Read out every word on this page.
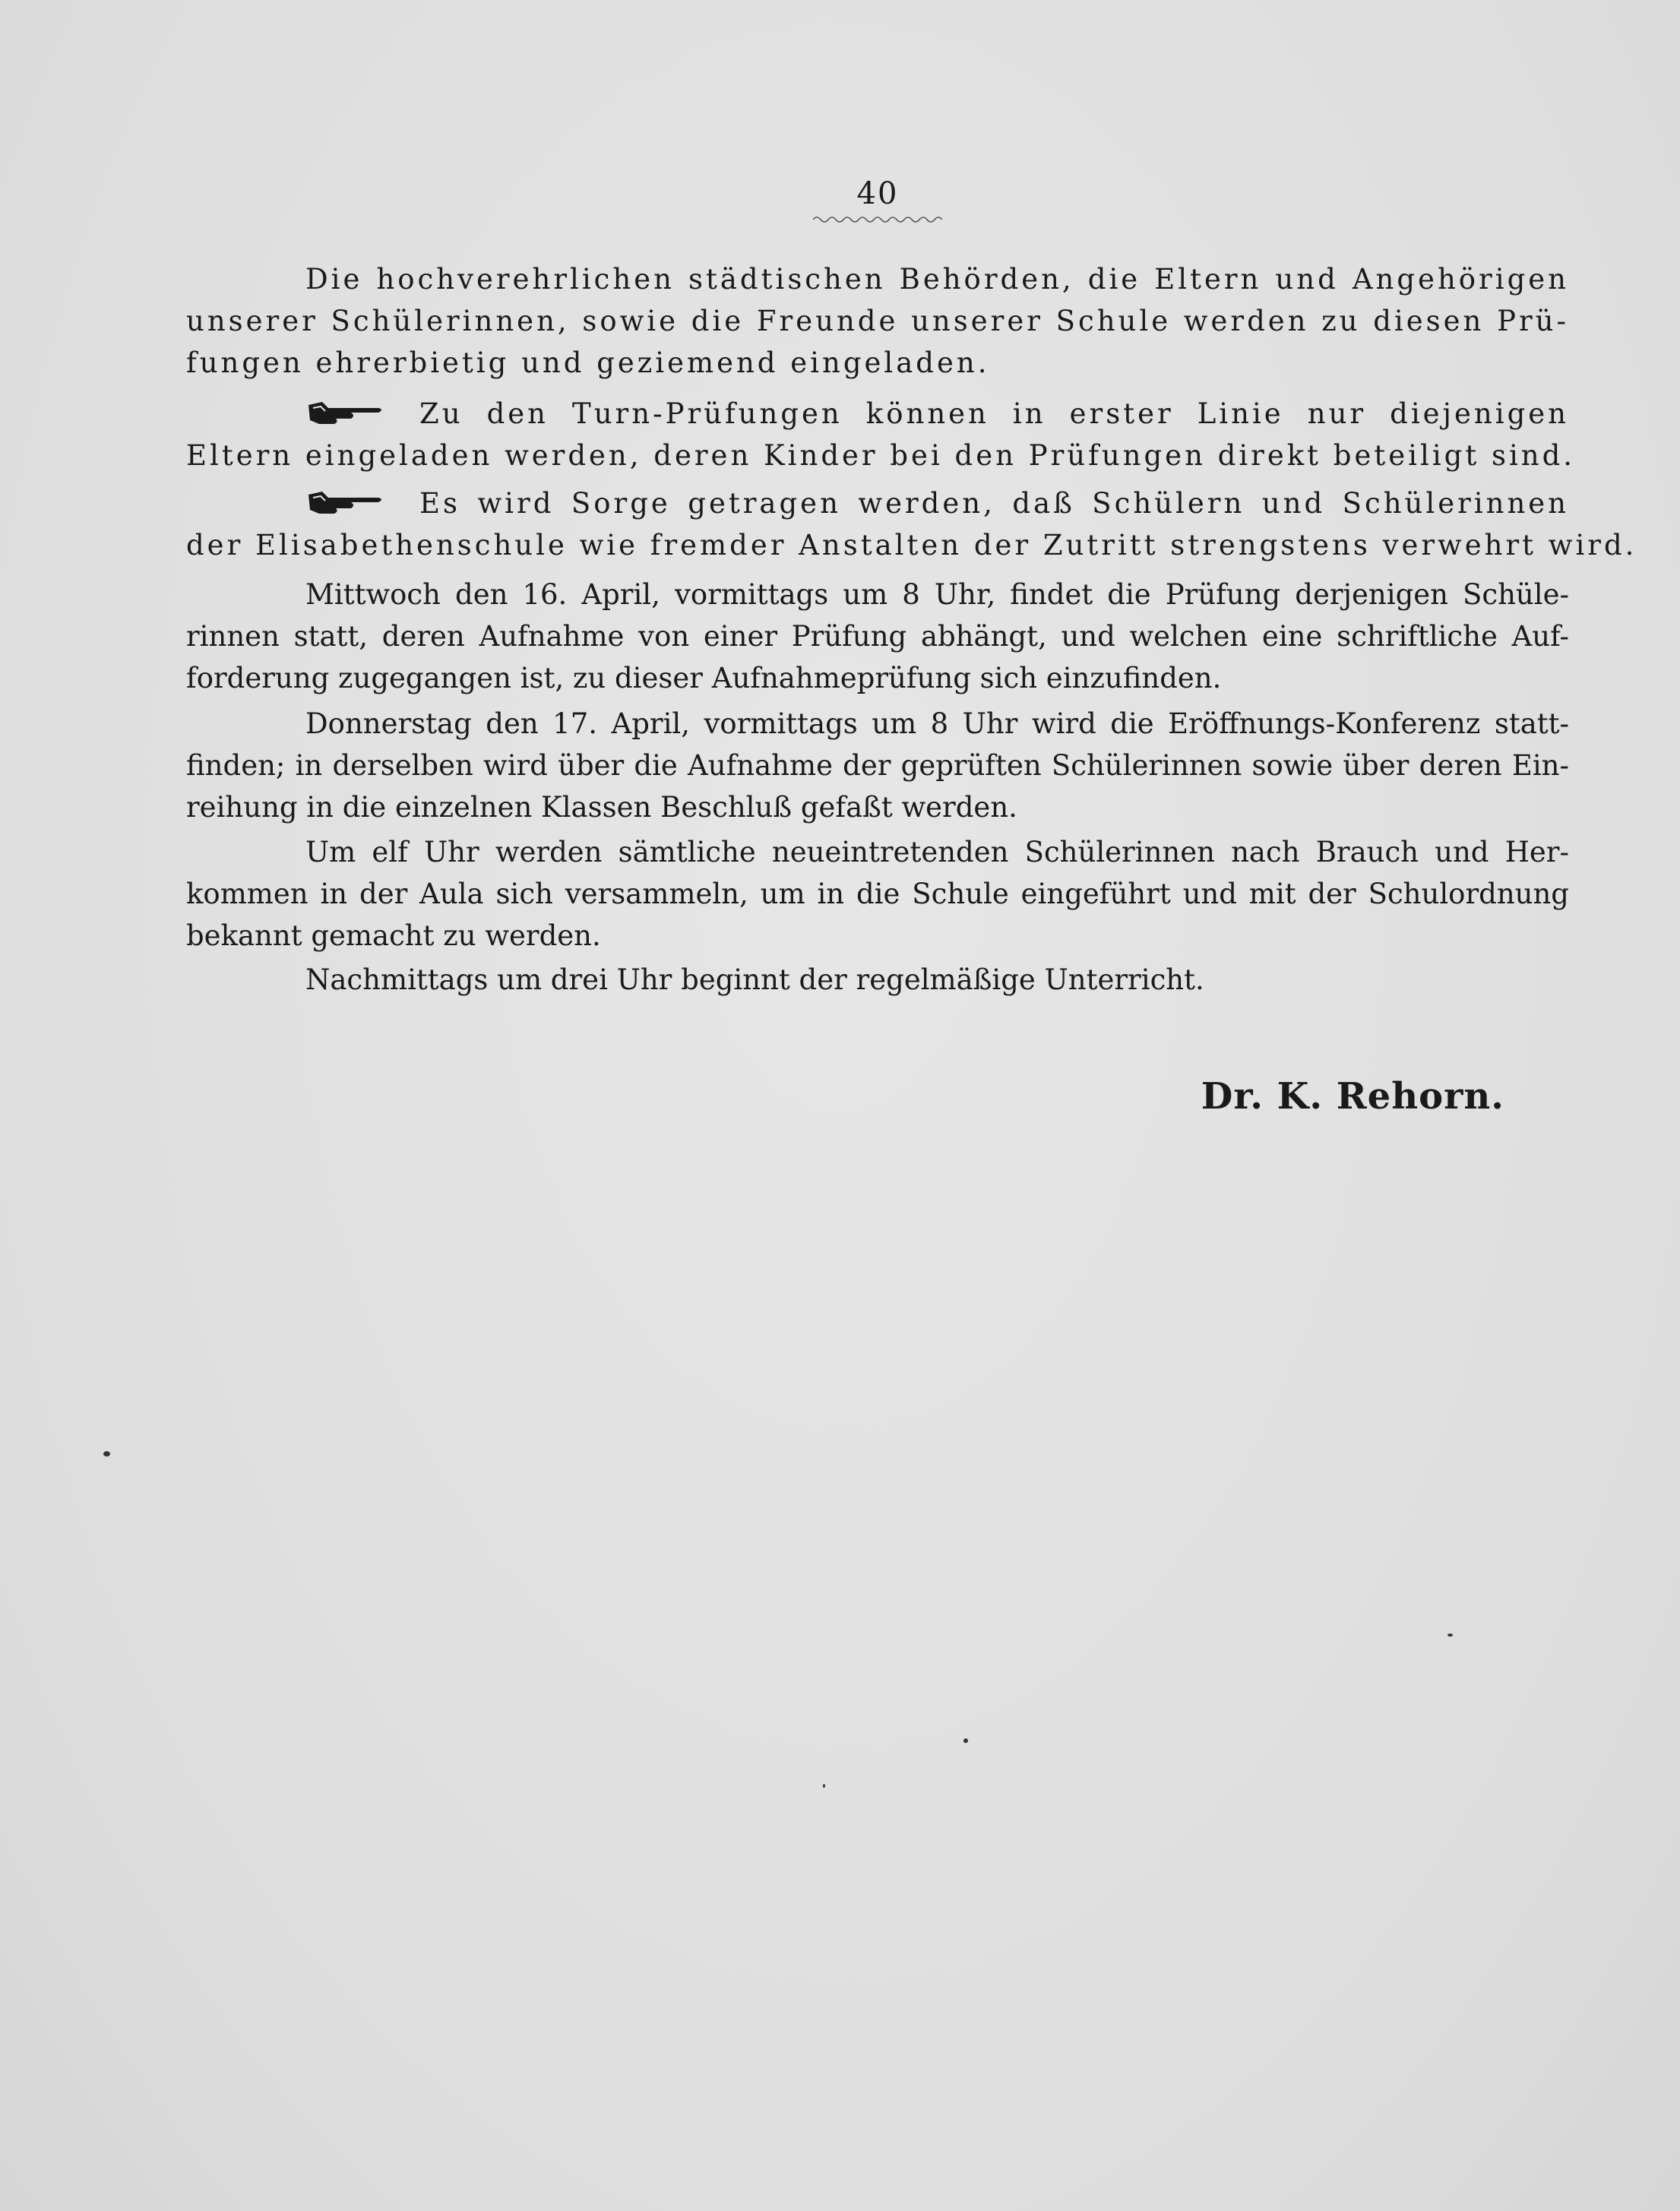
40
Die hochverehrlichen städtischen Behörden, die Eltern und Angehörigen
unserer Schülerinnen, sowie die Freunde unserer Schule werden zu diesen Prü-
fungen ehrerbietig und geziemend eingeladen.
Zu den Turn-Prüfungen können in erster Linie nur diejenigen
Eltern eingeladen werden, deren Kinder bei den Prüfungen direkt beteiligt sind.
Es wird Sorge getragen werden, daß Schülern und Schülerinnen
der Elisabethenschule wie fremder Anstalten der Zutritt strengstens verwehrt wird.
Mittwoch den 16. April, vormittags um 8 Uhr, findet die Prüfung derjenigen Schüle-
rinnen statt, deren Aufnahme von einer Prüfung abhängt, und welchen eine schriftliche Auf-
forderung zugegangen ist, zu dieser Aufnahmeprüfung sich einzufinden.
Donnerstag den 17. April, vormittags um 8 Uhr wird die Eröffnungs-Konferenz statt-
finden; in derselben wird über die Aufnahme der geprüften Schülerinnen sowie über deren Ein-
reihung in die einzelnen Klassen Beschluß gefaßt werden.
Um elf Uhr werden sämtliche neueintretenden Schülerinnen nach Brauch und Her-
kommen in der Aula sich versammeln, um in die Schule eingeführt und mit der Schulordnung
bekannt gemacht zu werden.
Nachmittags um drei Uhr beginnt der regelmäßige Unterricht.
Dr. K. Rehorn.
